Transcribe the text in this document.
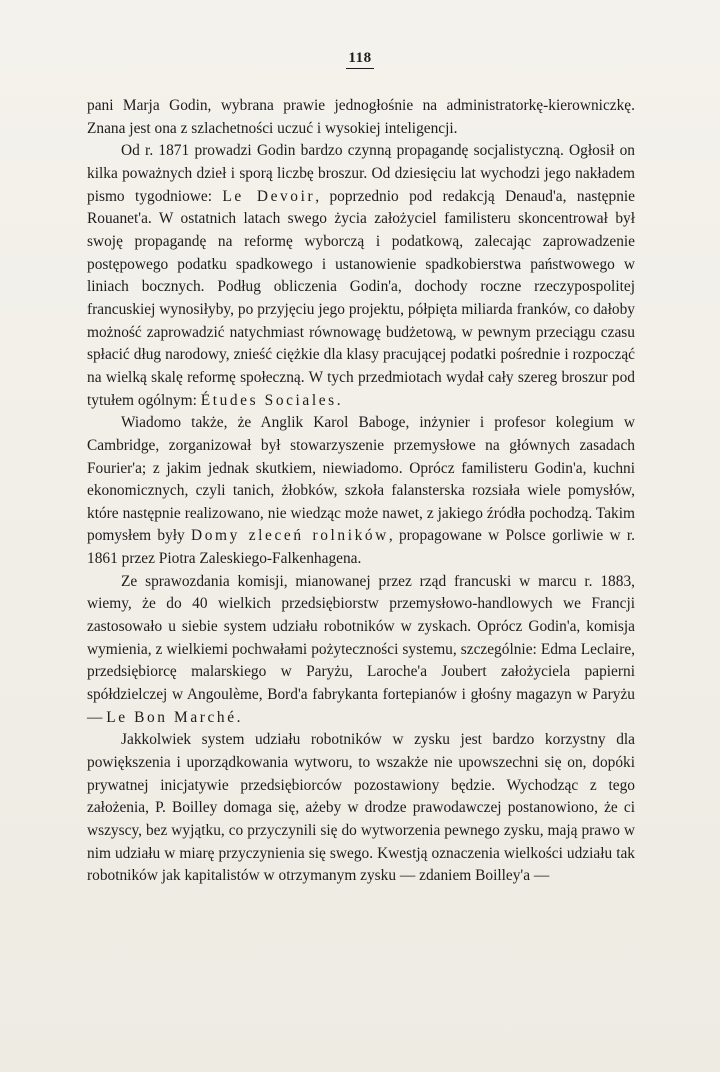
118

pani Marja Godin, wybrana prawie jednogłośnie na administratorkę-kierowniczkę. Znana jest ona z szlachetności uczuć i wysokiej inteligencji.

Od r. 1871 prowadzi Godin bardzo czynną propagandę socjalistyczną. Ogłosił on kilka poważnych dzieł i sporą liczbę broszur. Od dziesięciu lat wychodzi jego nakładem pismo tygodniowe: Le Devoir, poprzednio pod redakcją Denaud'a, następnie Rouanet'a. W ostatnich latach swego życia założyciel familisteru skoncentrował był swoję propagandę na reformę wyborczą i podatkową, zalecając zaprowadzenie postępowego podatku spadkowego i ustanowienie spadkobierstwa państwowego w liniach bocznych. Podług obliczenia Godin'a, dochody roczne rzeczypospolitej francuskiej wynosiłyby, po przyjęciu jego projektu, półpięta miliarda franków, co dałoby możność zaprowadzić natychmiast równowagę budżetową, w pewnym przeciągu czasu spłacić dług narodowy, znieść ciężkie dla klasy pracującej podatki pośrednie i rozpocząć na wielką skalę reformę społeczną. W tych przedmiotach wydał cały szereg broszur pod tytułem ogólnym: Études Sociales.

Wiadomo także, że Anglik Karol Baboge, inżynier i profesor kolegium w Cambridge, zorganizował był stowarzyszenie przemysłowe na głównych zasadach Fourier'a; z jakim jednak skutkiem, niewiadomo. Oprócz familisteru Godin'a, kuchni ekonomicznych, czyli tanich, żłobków, szkoła falansterska rozsiała wiele pomysłów, które następnie realizowano, nie wiedząc może nawet, z jakiego źródła pochodzą. Takim pomysłem były Domy zleceń rolników, propagowane w Polsce gorliwie w r. 1861 przez Piotra Zaleskiego-Falkenhagena.

Ze sprawozdania komisji, mianowanej przez rząd francuski w marcu r. 1883, wiemy, że do 40 wielkich przedsiębiorstw przemysłowo-handlowych we Francji zastosowało u siebie system udziału robotników w zyskach. Oprócz Godin'a, komisja wymienia, z wielkiemi pochwałami pożyteczności systemu, szczególnie: Edma Leclaire, przedsiębiorcę malarskiego w Paryżu, Laroche'a Joubert założyciela papierni spółdzielczej w Angoulème, Bord'a fabrykanta fortepianów i głośny magazyn w Paryżu — Le Bon Marché.

Jakkolwiek system udziału robotników w zysku jest bardzo korzystny dla powiększenia i uporządkowania wytworu, to wszakże nie upowszechni się on, dopóki prywatnej inicjatywie przedsiębiorców pozostawiony będzie. Wychodząc z tego założenia, P. Boilley domaga się, ażeby w drodze prawodawczej postanowiono, że ci wszyscy, bez wyjątku, co przyczynili się do wytworzenia pewnego zysku, mają prawo w nim udziału w miarę przyczynienia się swego. Kwestją oznaczenia wielkości udziału tak robotników jak kapitalistów w otrzymanym zysku — zdaniem Boilley'a —
